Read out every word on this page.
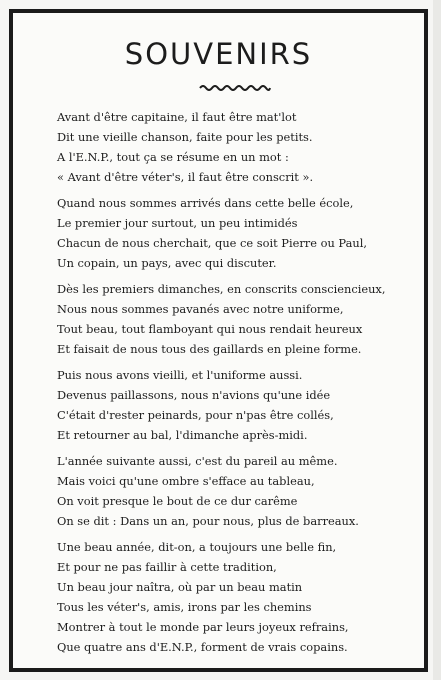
SOUVENIRS
Avant d'être capitaine, il faut être mat'lot
Dit une vieille chanson, faite pour les petits.
A l'E.N.P., tout ça se résume en un mot :
« Avant d'être véter's, il faut être conscrit ».
Quand nous sommes arrivés dans cette belle école,
Le premier jour surtout, un peu intimidés
Chacun de nous cherchait, que ce soit Pierre ou Paul,
Un copain, un pays, avec qui discuter.
Dès les premiers dimanches, en conscrits consciencieux,
Nous nous sommes pavanés avec notre uniforme,
Tout beau, tout flamboyant qui nous rendait heureux
Et faisait de nous tous des gaillards en pleine forme.
Puis nous avons vieilli, et l'uniforme aussi.
Devenus paillassons, nous n'avions qu'une idée
C'était d'rester peinards, pour n'pas être collés,
Et retourner au bal, l'dimanche après-midi.
L'année suivante aussi, c'est du pareil au même.
Mais voici qu'une ombre s'efface au tableau,
On voit presque le bout de ce dur carême
On se dit : Dans un an, pour nous, plus de barreaux.
Une beau année, dit-on, a toujours une belle fin,
Et pour ne pas faillir à cette tradition,
Un beau jour naîtra, où par un beau matin
Tous les véter's, amis, irons par les chemins
Montrer à tout le monde par leurs joyeux refrains,
Que quatre ans d'E.N.P., forment de vrais copains.
